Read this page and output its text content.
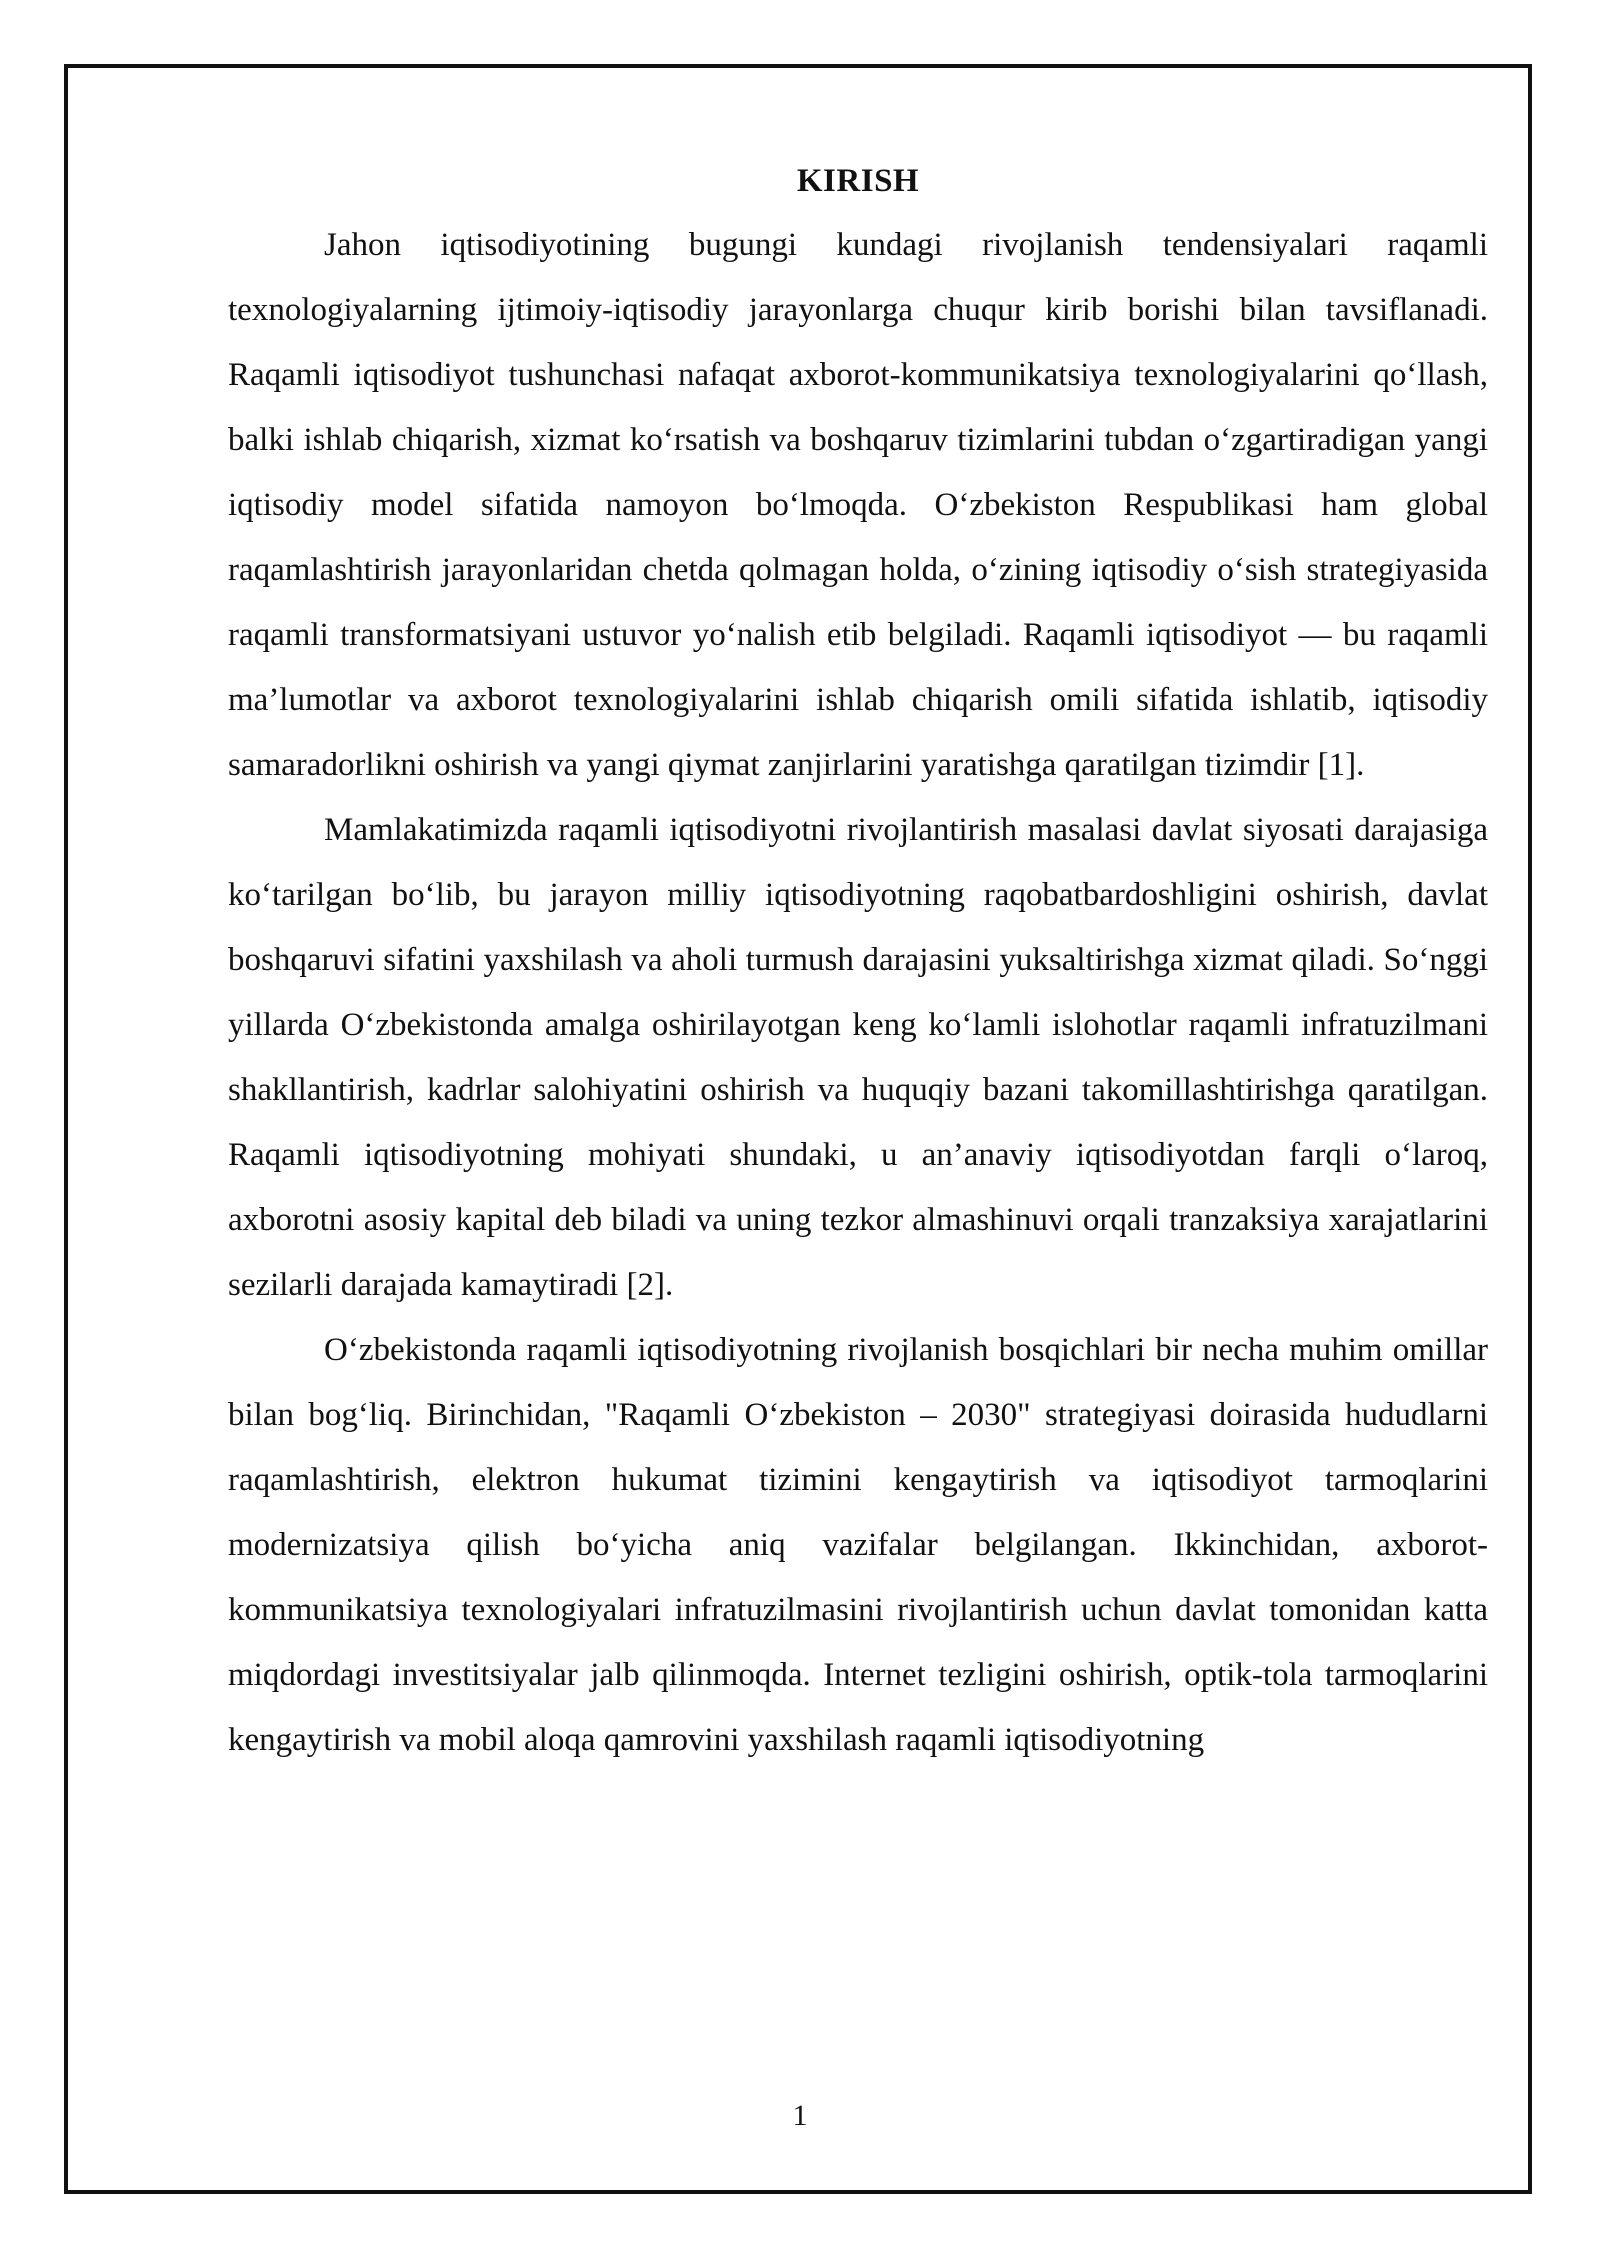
KIRISH

Jahon iqtisodiyotining bugungi kundagi rivojlanish tendensiyalari raqamli texnologiyalarning ijtimoiy-iqtisodiy jarayonlarga chuqur kirib borishi bilan tavsiflanadi. Raqamli iqtisodiyot tushunchasi nafaqat axborot-kommunikatsiya texnologiyalarini qo‘llash, balki ishlab chiqarish, xizmat ko‘rsatish va boshqaruv tizimlarini tubdan o‘zgartiradigan yangi iqtisodiy model sifatida namoyon bo‘lmoqda. O‘zbekiston Respublikasi ham global raqamlashtirish jarayonlaridan chetda qolmagan holda, o‘zining iqtisodiy o‘sish strategiyasida raqamli transformatsiyani ustuvor yo‘nalish etib belgiladi. Raqamli iqtisodiyot — bu raqamli ma’lumotlar va axborot texnologiyalarini ishlab chiqarish omili sifatida ishlatib, iqtisodiy samaradorlikni oshirish va yangi qiymat zanjirlarini yaratishga qaratilgan tizimdir [1].

Mamlakatimizda raqamli iqtisodiyotni rivojlantirish masalasi davlat siyosati darajasiga ko‘tarilgan bo‘lib, bu jarayon milliy iqtisodiyotning raqobatbardoshligini oshirish, davlat boshqaruvi sifatini yaxshilash va aholi turmush darajasini yuksaltirishga xizmat qiladi. So‘nggi yillarda O‘zbekistonda amalga oshirilayotgan keng ko‘lamli islohotlar raqamli infratuzilmani shakllantirish, kadrlar salohiyatini oshirish va huquqiy bazani takomillashtirishga qaratilgan. Raqamli iqtisodiyotning mohiyati shundaki, u an’anaviy iqtisodiyotdan farqli o‘laroq, axborotni asosiy kapital deb biladi va uning tezkor almashinuvi orqali tranzaksiya xarajatlarini sezilarli darajada kamaytiradi [2].

O‘zbekistonda raqamli iqtisodiyotning rivojlanish bosqichlari bir necha muhim omillar bilan bog‘liq. Birinchidan, "Raqamli O‘zbekiston – 2030" strategiyasi doirasida hududlarni raqamlashtirish, elektron hukumat tizimini kengaytirish va iqtisodiyot tarmoqlarini modernizatsiya qilish bo‘yicha aniq vazifalar belgilangan. Ikkinchidan, axborot-kommunikatsiya texnologiyalari infratuzilmasini rivojlantirish uchun davlat tomonidan katta miqdordagi investitsiyalar jalb qilinmoqda. Internet tezligini oshirish, optik-tola tarmoqlarini kengaytirish va mobil aloqa qamrovini yaxshilash raqamli iqtisodiyotning

1
